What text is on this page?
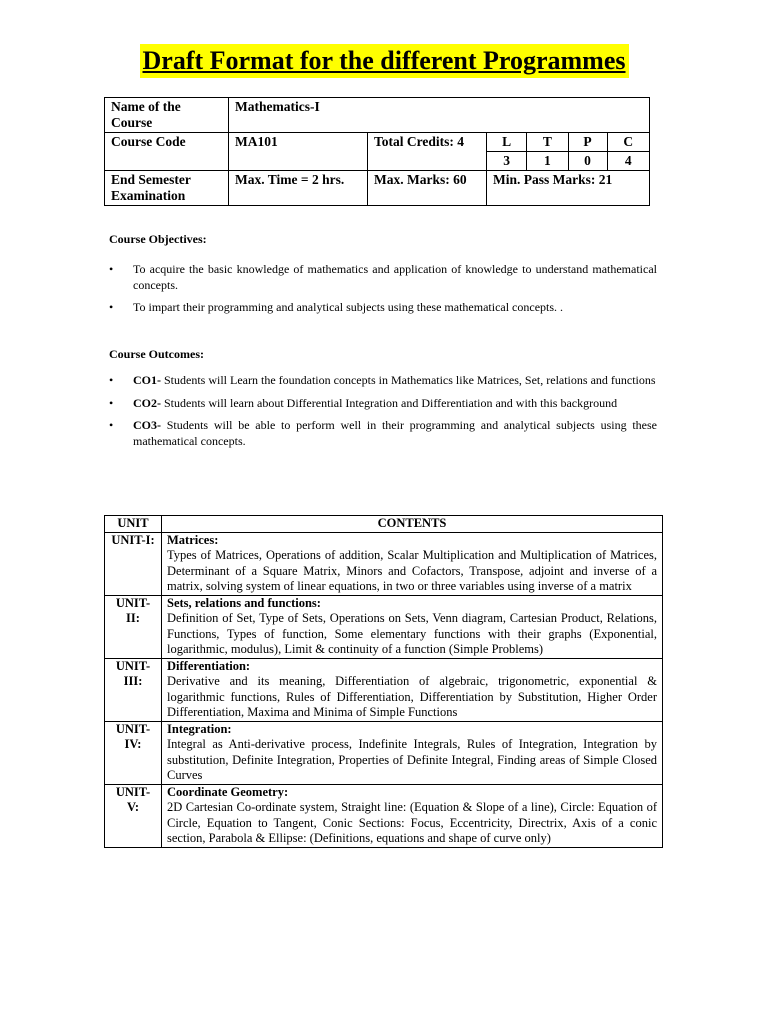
Draft Format for the different Programmes
Name of the Course	Mathematics-I
Course Code	MA101	Total Credits: 4		L	T	P	C
3	1	0	4

End Semester Examination	Max. Time = 2 hrs.	Max. Marks: 60	Min. Pass Marks: 21
Course Objectives:
• To acquire the basic knowledge of mathematics and application of knowledge to understand mathematical concepts.
• To impart their programming and analytical subjects using these mathematical concepts. .
Course Outcomes:
• CO1- Students will Learn the foundation concepts in Mathematics like Matrices, Set, relations and functions
• CO2- Students will learn about Differential Integration and Differentiation and with this background
• CO3- Students will be able to perform well in their programming and analytical subjects using these mathematical concepts.
UNIT	CONTENTS
UNIT-I:	Matrices:
Types of Matrices, Operations of addition, Scalar Multiplication and Multiplication of Matrices, Determinant of a Square Matrix, Minors and Cofactors, Transpose, adjoint and inverse of a matrix, solving system of linear equations, in two or three variables using inverse of a matrix
UNIT-II:	Sets, relations and functions:
Definition of Set, Type of Sets, Operations on Sets, Venn diagram, Cartesian Product, Relations, Functions, Types of function, Some elementary functions with their graphs (Exponential, logarithmic, modulus), Limit & continuity of a function (Simple Problems)
UNIT-III:	Differentiation:
Derivative and its meaning, Differentiation of algebraic, trigonometric, exponential & logarithmic functions, Rules of Differentiation, Differentiation by Substitution, Higher Order Differentiation, Maxima and Minima of Simple Functions
UNIT-IV:	Integration:
Integral as Anti-derivative process, Indefinite Integrals, Rules of Integration, Integration by substitution, Definite Integration, Properties of Definite Integral, Finding areas of Simple Closed Curves
UNIT-V:	Coordinate Geometry:
2D Cartesian Co-ordinate system, Straight line: (Equation & Slope of a line), Circle: Equation of Circle, Equation to Tangent, Conic Sections: Focus, Eccentricity, Directrix, Axis of a conic section, Parabola & Ellipse: (Definitions, equations and shape of curve only)
